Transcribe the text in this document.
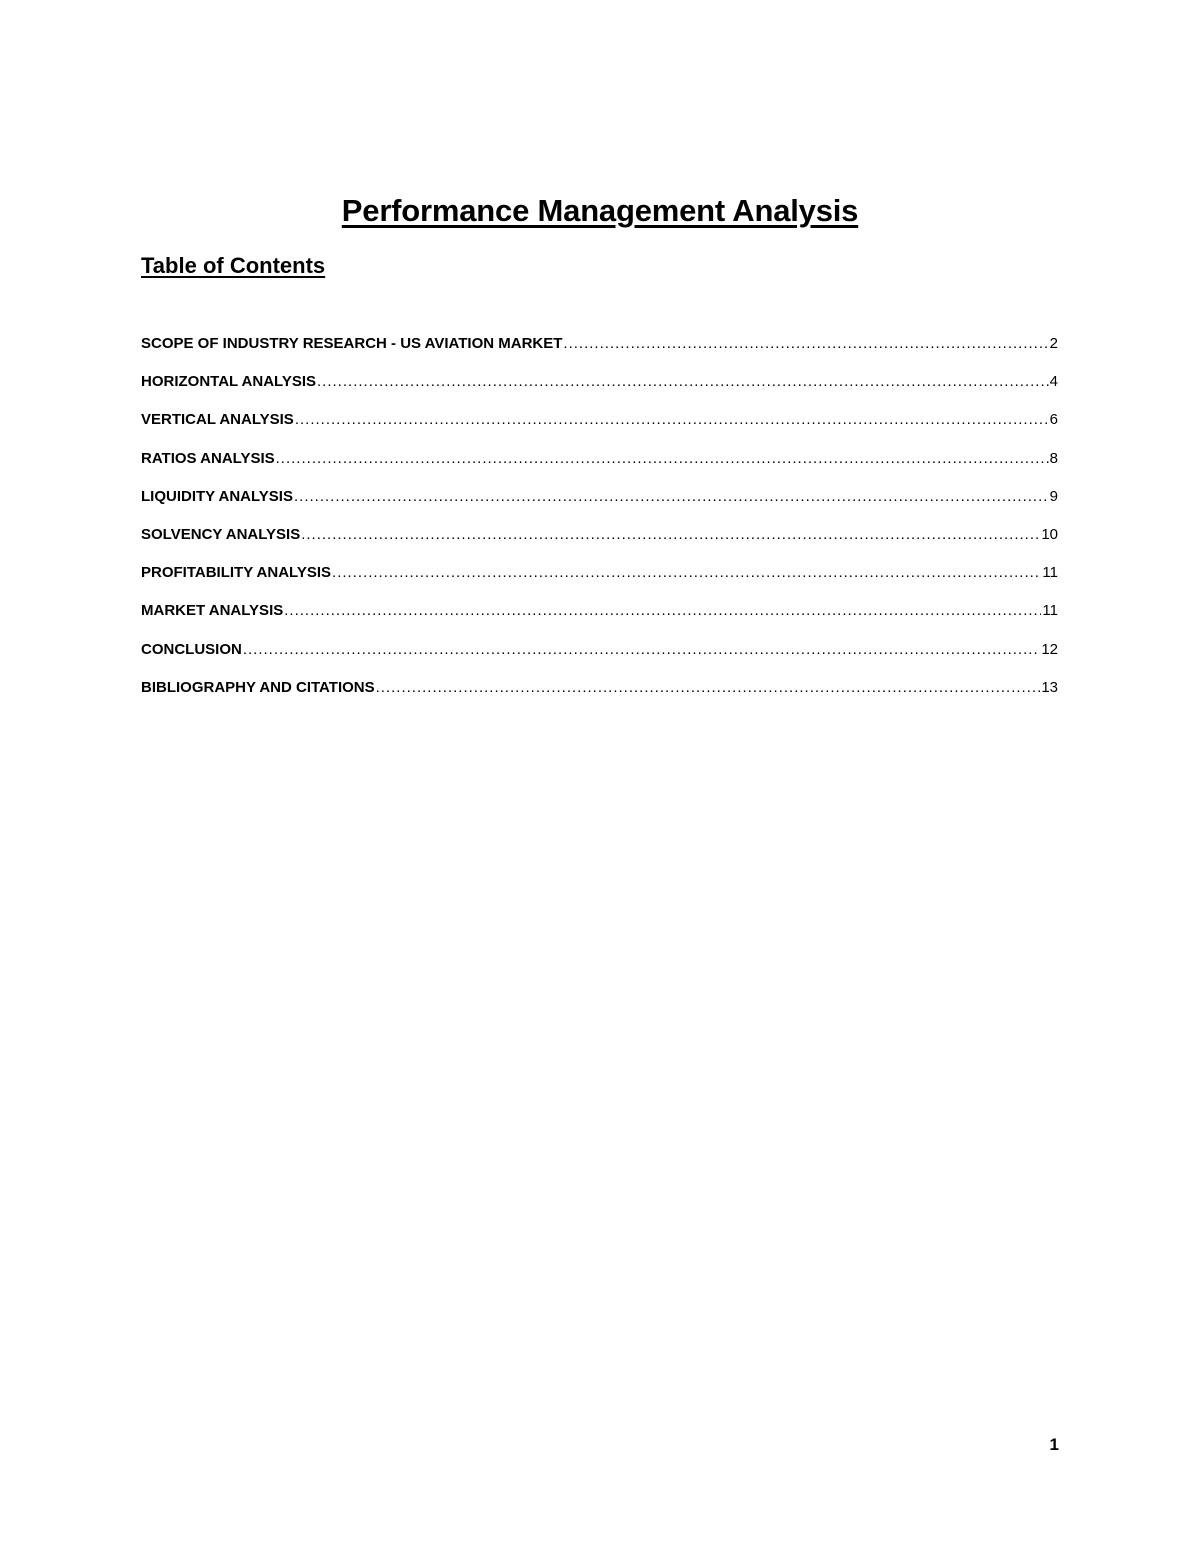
Performance Management Analysis
Table of Contents
SCOPE OF INDUSTRY RESEARCH - US AVIATION MARKET .....	2
HORIZONTAL ANALYSIS .....	4
VERTICAL ANALYSIS .....	6
RATIOS ANALYSIS .....	8
LIQUIDITY ANALYSIS .....	9
SOLVENCY ANALYSIS .....	10
PROFITABILITY ANALYSIS .....	11
MARKET ANALYSIS .....	11
CONCLUSION .....	12
BIBLIOGRAPHY AND CITATIONS .....	13
1
